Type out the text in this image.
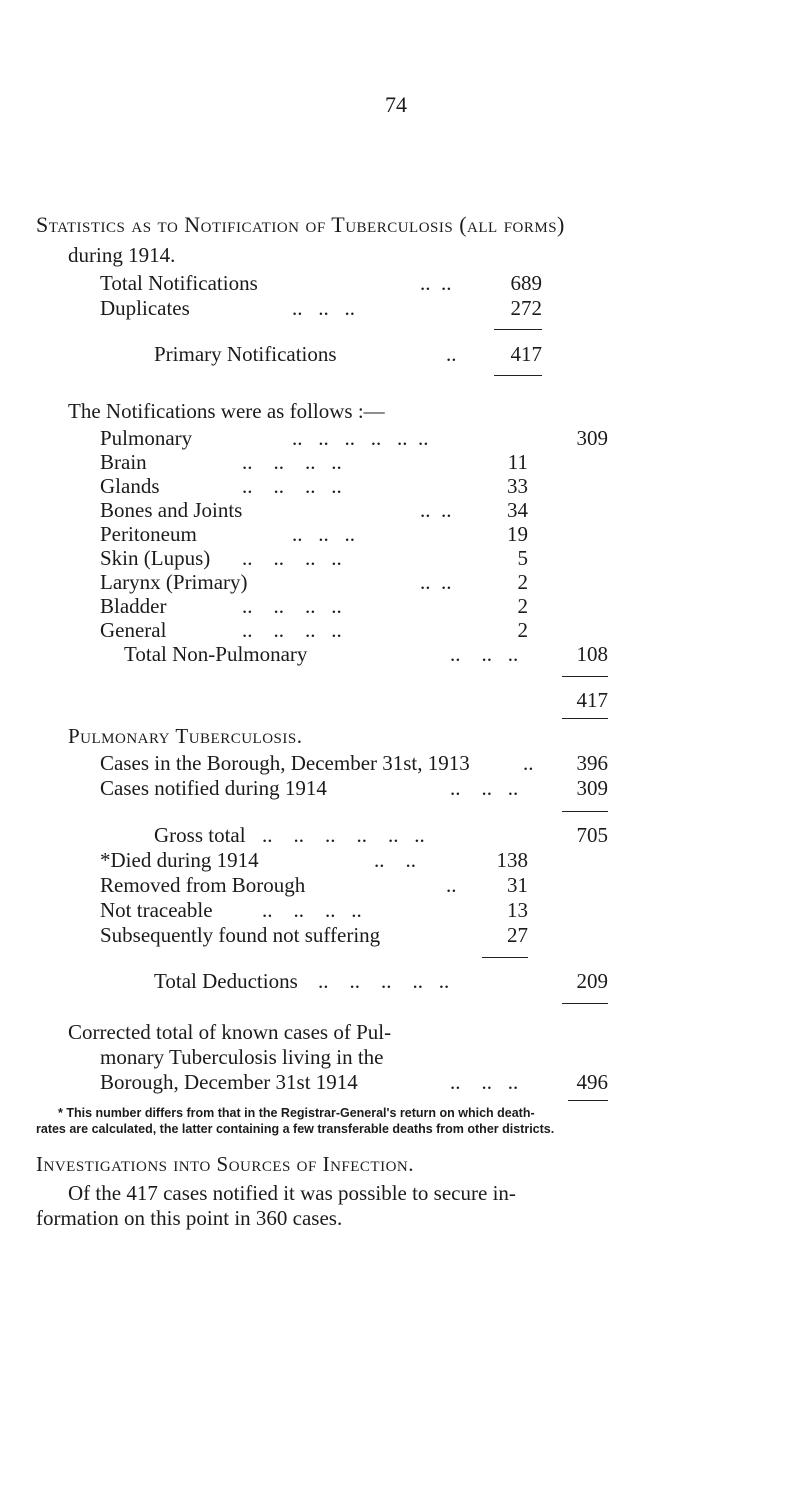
74
Statistics as to Notification of Tuberculosis (all forms)
during 1914.
Total Notifications	..  ..	689
Duplicates	..   ..   ..	272
Primary Notifications	..	417
The Notifications were as follows :—
Pulmonary	..   ..   ..   ..   ..  ..	309
Brain	..    ..    ..   ..	11
Glands	..    ..    ..   ..	33
Bones and Joints	..  ..	34
Peritoneum	..   ..   ..	19
Skin (Lupus) ..    ..    ..   ..	5
Larynx (Primary)	..  ..	2
Bladder	..    ..    ..   ..	2
General	..    ..    ..   ..	2
Total Non-Pulmonary	..    ..   ..	108
417
Pulmonary Tuberculosis.
Cases in the Borough, December 31st, 1913	..	396
Cases notified during 1914	..    ..   ..	309
Gross total ..    ..    ..    ..    ..   ..	705
*Died during 1914	..    ..	138
Removed from Borough	..	31
Not traceable ..    ..    ..   ..	13
Subsequently found not suffering	27
Total Deductions ..    ..    ..    ..   ..	209
Corrected total of known cases of Pul-
monary Tuberculosis living in the
Borough, December 31st 1914	..    ..   ..	496
* This number differs from that in the Registrar-General's return on which death-
rates are calculated, the latter containing a few transferable deaths from other districts.
Investigations into Sources of Infection.
Of the 417 cases notified it was possible to secure in-
formation on this point in 360 cases.
